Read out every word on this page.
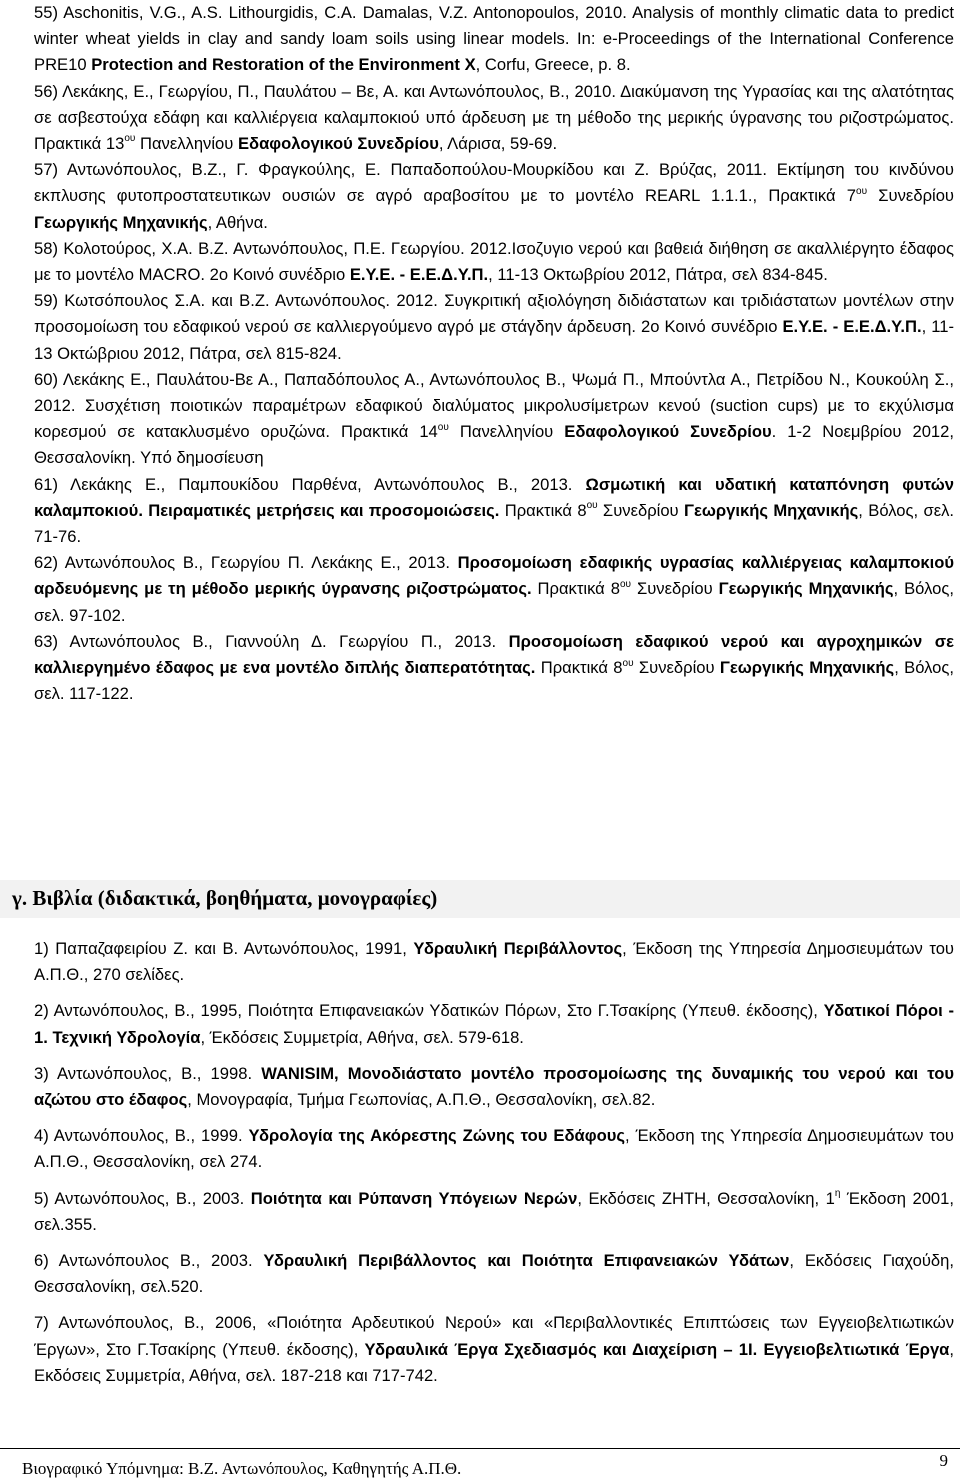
55) Aschonitis, V.G., A.S. Lithourgidis, C.A. Damalas, V.Z. Antonopoulos, 2010. Analysis of monthly climatic data to predict winter wheat yields in clay and sandy loam soils using linear models. In: e-Proceedings of the International Conference PRE10 Protection and Restoration of the Environment X, Corfu, Greece, p. 8.

56) Λεκάκης, Ε., Γεωργίου, Π., Παυλάτου – Βε, Α. και Αντωνόπουλος, Β., 2010. Διακύμανση της Υγρασίας και της αλατότητας σε ασβεστούχα εδάφη και καλλιέργεια καλαμποκιού υπό άρδευση με τη μέθοδο της μερικής ύγρανσης του ριζοστρώματος. Πρακτικά $13^{o\upsilon}$ Πανελληνίου Εδαφολογικού Συνεδρίου, Λάρισα, 59-69.

57) Αντωνόπουλος, Β.Ζ., Γ. Φραγκούλης, Ε. Παπαδοπούλου-Μουρκίδου και Ζ. Βρύζας, 2011. Εκτίμηση του κινδύνου εκπλυσης φυτοπροστατευτικων ουσιών σε αγρό αραβοσίτου με το μοντέλο REARL 1.1.1., Πρακτικά $7^{o\upsilon}$ Συνεδρίου Γεωργικής Μηχανικής, Αθήνα.

58) Κολοτούρος, Χ.Α. Β.Ζ. Αντωνόπουλος, Π.Ε. Γεωργίου. 2012.Ισοζυγιο νερού και βαθειά διήθηση σε ακαλλιέργητο έδαφος με το μοντέλο MACRO. 2ο Κοινό συνέδριο Ε.Υ.Ε. - Ε.Ε.Δ.Υ.Π., 11-13 Οκτωβρίου 2012, Πάτρα, σελ 834-845.

59) Κωτσόπουλος Σ.Α. και Β.Ζ. Αντωνόπουλος. 2012. Συγκριτική αξιολόγηση διδιάστατων και τριδιάστατων μοντέλων στην προσομοίωση του εδαφικού νερού σε καλλιεργούμενο αγρό με στάγδην άρδευση. 2ο Κοινό συνέδριο Ε.Υ.Ε. - Ε.Ε.Δ.Υ.Π., 11-13 Οκτώβριου 2012, Πάτρα, σελ 815-824.

60) Λεκάκης Ε., Παυλάτου-Βε Α., Παπαδόπουλος Α., Αντωνόπουλος Β., Ψωμά Π., Μπούντλα Α., Πετρίδου Ν., Κουκούλη Σ., 2012. Συσχέτιση ποιοτικών παραμέτρων εδαφικού διαλύματος μικρολυσίμετρων κενού (suction cups) με το εκχύλισμα κορεσμού σε κατακλυσμένο ορυζώνα. Πρακτικά $14^{o\upsilon}$ Πανελληνίου Εδαφολογικού Συνεδρίου. 1-2 Νοεμβρίου 2012, Θεσσαλονίκη. Υπό δημοσίευση

61) Λεκάκης Ε., Παμπουκίδου Παρθένα, Αντωνόπουλος Β., 2013. Ωσμωτική και υδατική καταπόνηση φυτών καλαμποκιού. Πειραματικές μετρήσεις και προσομοιώσεις. Πρακτικά $8^{o\upsilon}$ Συνεδρίου Γεωργικής Μηχανικής, Βόλος, σελ. 71-76.

62) Αντωνόπουλος Β., Γεωργίου Π. Λεκάκης Ε., 2013. Προσομοίωση εδαφικής υγρασίας καλλιέργειας καλαμποκιού αρδευόμενης με τη μέθοδο μερικής ύγρανσης ριζοστρώματος. Πρακτικά $8^{o\upsilon}$ Συνεδρίου Γεωργικής Μηχανικής, Βόλος, σελ. 97-102.

63) Αντωνόπουλος Β., Γιαννούλη Δ. Γεωργίου Π., 2013. Προσομοίωση εδαφικού νερού και αγροχημικών σε καλλιεργημένο έδαφος με ενα μοντέλο διπλής διαπερατότητας. Πρακτικά $8^{o\upsilon}$ Συνεδρίου Γεωργικής Μηχανικής, Βόλος, σελ. 117-122.

γ. Βιβλία (διδακτικά, βοηθήματα, μονογραφίες)

1) Παπαζαφειρίου Ζ. και Β. Αντωνόπουλος, 1991, Υδραυλική Περιβάλλοντος, Έκδοση της Υπηρεσία Δημοσιευμάτων του Α.Π.Θ., 270 σελίδες.

2) Αντωνόπουλος, Β., 1995, Ποιότητα Επιφανειακών Υδατικών Πόρων, Στο Γ.Τσακίρης (Υπευθ. έκδοσης), Υδατικοί Πόροι - 1. Τεχνική Υδρολογία, Έκδόσεις Συμμετρία, Αθήνα, σελ. 579-618.

3) Αντωνόπουλος, Β., 1998. WANISIM, Μονοδιάστατο μοντέλο προσομοίωσης της δυναμικής του νερού και του αζώτου στο έδαφος, Μονογραφία, Τμήμα Γεωπονίας, Α.Π.Θ., Θεσσαλονίκη, σελ.82.

4) Αντωνόπουλος, Β., 1999. Υδρολογία της Ακόρεστης Ζώνης του Εδάφους, Έκδοση της Υπηρεσία Δημοσιευμάτων του Α.Π.Θ., Θεσσαλονίκη, σελ 274.

5) Αντωνόπουλος, Β., 2003. Ποιότητα και Ρύπανση Υπόγειων Νερών, Εκδόσεις ΖΗΤΗ, Θεσσαλονίκη, $1^\eta$ Έκδοση 2001, σελ.355.

6) Αντωνόπουλος Β., 2003. Υδραυλική Περιβάλλοντος και Ποιότητα Επιφανειακών Υδάτων, Εκδόσεις Γιαχούδη, Θεσσαλονίκη, σελ.520.

7) Αντωνόπουλος, Β., 2006, «Ποιότητα Αρδευτικού Νερού» και «Περιβαλλοντικές Επιπτώσεις των Εγγειοβελτιωτικών Έργων», Στο Γ.Τσακίρης (Υπευθ. έκδοσης), Υδραυλικά Έργα Σχεδιασμός και Διαχείριση – 1Ι. Εγγειοβελτιωτικά Έργα, Εκδόσεις Συμμετρία, Αθήνα, σελ. 187-218 και 717-742.

Βιογραφικό Υπόμνημα: Β.Ζ. Αντωνόπουλος, Καθηγητής Α.Π.Θ.	9
